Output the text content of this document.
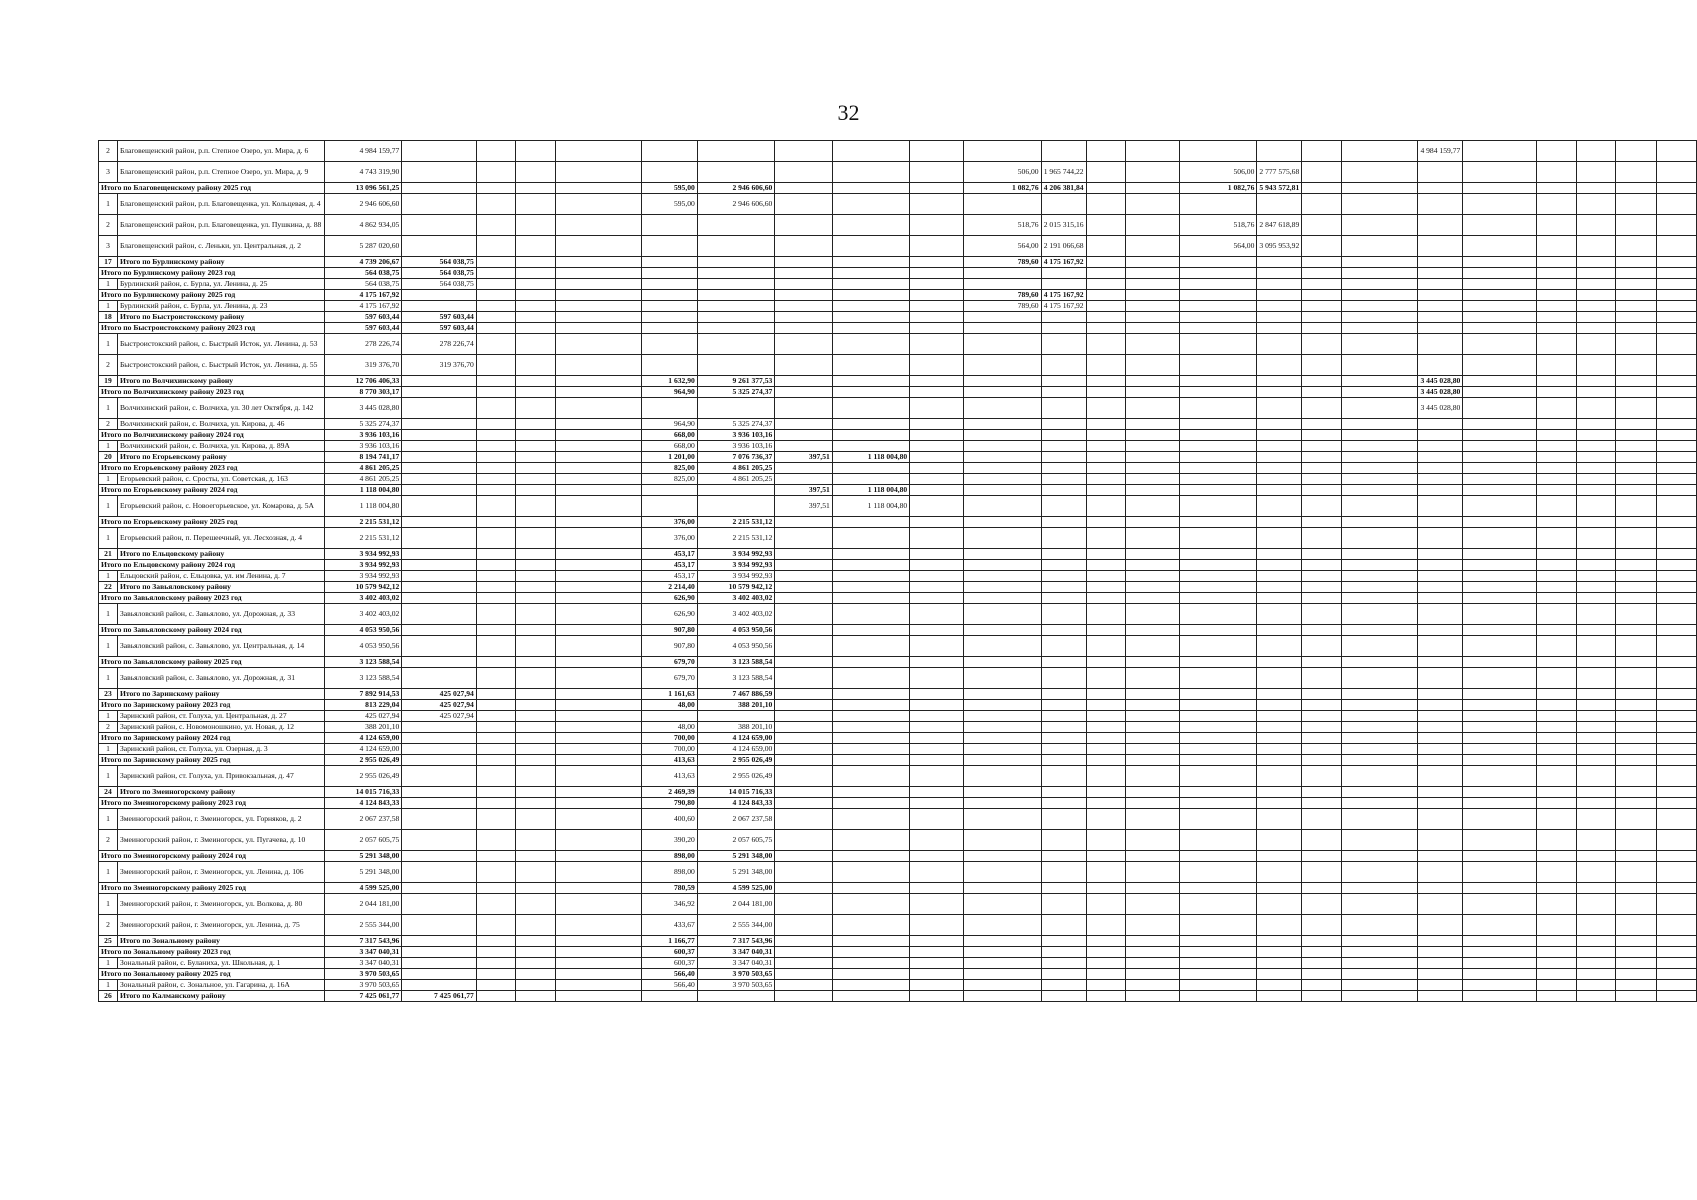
32
2	Благовещенский район, р.п. Степное Озеро, ул. Мира, д. 6	4 984 159,77																		4 984 159,77					
3	Благовещенский район, р.п. Степное Озеро, ул. Мира, д. 9	4 743 319,90										506,00	1 965 744,22			506,00	2 777 575,68								
Итого по Благовещенскому району 2025 год		13 096 561,25					595,00	2 946 606,60				1 082,76	4 206 381,84			1 082,76	5 943 572,81								
1	Благовещенский район, р.п. Благовещенка, ул. Кольцевая, д. 4	2 946 606,60					595,00	2 946 606,60																	
2	Благовещенский район, р.п. Благовещенка, ул. Пушкина, д. 88	4 862 934,05										518,76	2 015 315,16			518,76	2 847 618,89								
3	Благовещенский район, с. Леньки, ул. Центральная, д. 2	5 287 020,60										564,00	2 191 066,68			564,00	3 095 953,92								
17	Итого по Бурлинскому району	4 739 206,67	564 038,75									789,60	4 175 167,92												
Итого по Бурлинскому району 2023 год		564 038,75	564 038,75																						
1	Бурлинский район, с. Бурла, ул. Ленина, д. 25	564 038,75	564 038,75																						
Итого по Бурлинскому району 2025 год		4 175 167,92										789,60	4 175 167,92												
1	Бурлинский район, с. Бурла, ул. Ленина, д. 23	4 175 167,92										789,60	4 175 167,92												
18	Итого по Быстроистокскому району	597 603,44	597 603,44																						
Итого по Быстроистокскому району 2023 год		597 603,44	597 603,44																						
1	Быстроистокский район, с. Быстрый Исток, ул. Ленина, д. 53	278 226,74	278 226,74																						
2	Быстроистокский район, с. Быстрый Исток, ул. Ленина, д. 55	319 376,70	319 376,70																						
19	Итого по Волчихинскому району	12 706 406,33					1 632,90	9 261 377,53												3 445 028,80					
Итого по Волчихинскому району 2023 год		8 770 303,17					964,90	5 325 274,37												3 445 028,80					
1	Волчихинский район, с. Волчиха, ул. 30 лет Октября, д. 142	3 445 028,80																		3 445 028,80					
2	Волчихинский район, с. Волчиха, ул. Кирова, д. 46	5 325 274,37					964,90	5 325 274,37																	
Итого по Волчихинскому району 2024 год		3 936 103,16					668,00	3 936 103,16																	
1	Волчихинский район, с. Волчиха, ул. Кирова, д. 89А	3 936 103,16					668,00	3 936 103,16																	
20	Итого по Егорьевскому району	8 194 741,17					1 201,00	7 076 736,37	397,51	1 118 004,80															
Итого по Егорьевскому району 2023 год		4 861 205,25					825,00	4 861 205,25																	
1	Егорьевский район, с. Сросты, ул. Советская, д. 163	4 861 205,25					825,00	4 861 205,25																	
Итого по Егорьевскому району 2024 год		1 118 004,80							397,51	1 118 004,80															
1	Егорьевский район, с. Новоегорьевское, ул. Комарова, д. 5А	1 118 004,80							397,51	1 118 004,80															
Итого по Егорьевскому району 2025 год		2 215 531,12					376,00	2 215 531,12																	
1	Егорьевский район, п. Перешеечный, ул. Лесхозная, д. 4	2 215 531,12					376,00	2 215 531,12																	
21	Итого по Ельцовскому району	3 934 992,93					453,17	3 934 992,93																	
Итого по Ельцовскому району 2024 год		3 934 992,93					453,17	3 934 992,93																	
1	Ельцовский район, с. Ельцовка, ул. им Ленина, д. 7	3 934 992,93					453,17	3 934 992,93																	
22	Итого по Завьяловскому району	10 579 942,12					2 214,40	10 579 942,12																	
Итого по Завьяловскому району 2023 год		3 402 403,02					626,90	3 402 403,02																	
1	Завьяловский район, с. Завьялово, ул. Дорожная, д. 33	3 402 403,02					626,90	3 402 403,02																	
Итого по Завьяловскому району 2024 год		4 053 950,56					907,80	4 053 950,56																	
1	Завьяловский район, с. Завьялово, ул. Центральная, д. 14	4 053 950,56					907,80	4 053 950,56																	
Итого по Завьяловскому району 2025 год		3 123 588,54					679,70	3 123 588,54																	
1	Завьяловский район, с. Завьялово, ул. Дорожная, д. 31	3 123 588,54					679,70	3 123 588,54																	
23	Итого по Заринскому району	7 892 914,53	425 027,94				1 161,63	7 467 886,59																	
Итого по Заринскому району 2023 год		813 229,04	425 027,94				48,00	388 201,10																	
1	Заринский район, ст. Голуха, ул. Центральная, д. 27	425 027,94	425 027,94																						
2	Заринский район, с. Новомоношкино, ул. Новая, д. 12	388 201,10					48,00	388 201,10																	
Итого по Заринскому району 2024 год		4 124 659,00					700,00	4 124 659,00																	
1	Заринский район, ст. Голуха, ул. Озерная, д. 3	4 124 659,00					700,00	4 124 659,00																	
Итого по Заринскому району 2025 год		2 955 026,49					413,63	2 955 026,49																	
1	Заринский район, ст. Голуха, ул. Привокзальная, д. 47	2 955 026,49					413,63	2 955 026,49																	
24	Итого по Змеиногорскому району	14 015 716,33					2 469,39	14 015 716,33																	
Итого по Змеиногорскому району 2023 год		4 124 843,33					790,80	4 124 843,33																	
1	Змеиногорский район, г. Змеиногорск, ул. Горняков, д. 2	2 067 237,58					400,60	2 067 237,58																	
2	Змеиногорский район, г. Змеиногорск, ул. Пугачева, д. 10	2 057 605,75					390,20	2 057 605,75																	
Итого по Змеиногорскому району 2024 год		5 291 348,00					898,00	5 291 348,00																	
1	Змеиногорский район, г. Змеиногорск, ул. Ленина, д. 106	5 291 348,00					898,00	5 291 348,00																	
Итого по Змеиногорскому району 2025 год		4 599 525,00					780,59	4 599 525,00																	
1	Змеиногорский район, г. Змеиногорск, ул. Волкова, д. 80	2 044 181,00					346,92	2 044 181,00																	
2	Змеиногорский район, г. Змеиногорск, ул. Ленина, д. 75	2 555 344,00					433,67	2 555 344,00																	
25	Итого по Зональному району	7 317 543,96					1 166,77	7 317 543,96																	
Итого по Зональному району 2023 год		3 347 040,31					600,37	3 347 040,31																	
1	Зональный район, с. Буланиха, ул. Школьная, д. 1	3 347 040,31					600,37	3 347 040,31																	
Итого по Зональному району 2025 год		3 970 503,65					566,40	3 970 503,65																	
1	Зональный район, с. Зональное, ул. Гагарина, д. 16А	3 970 503,65					566,40	3 970 503,65																	
26	Итого по Калманскому району	7 425 061,77	7 425 061,77																						
